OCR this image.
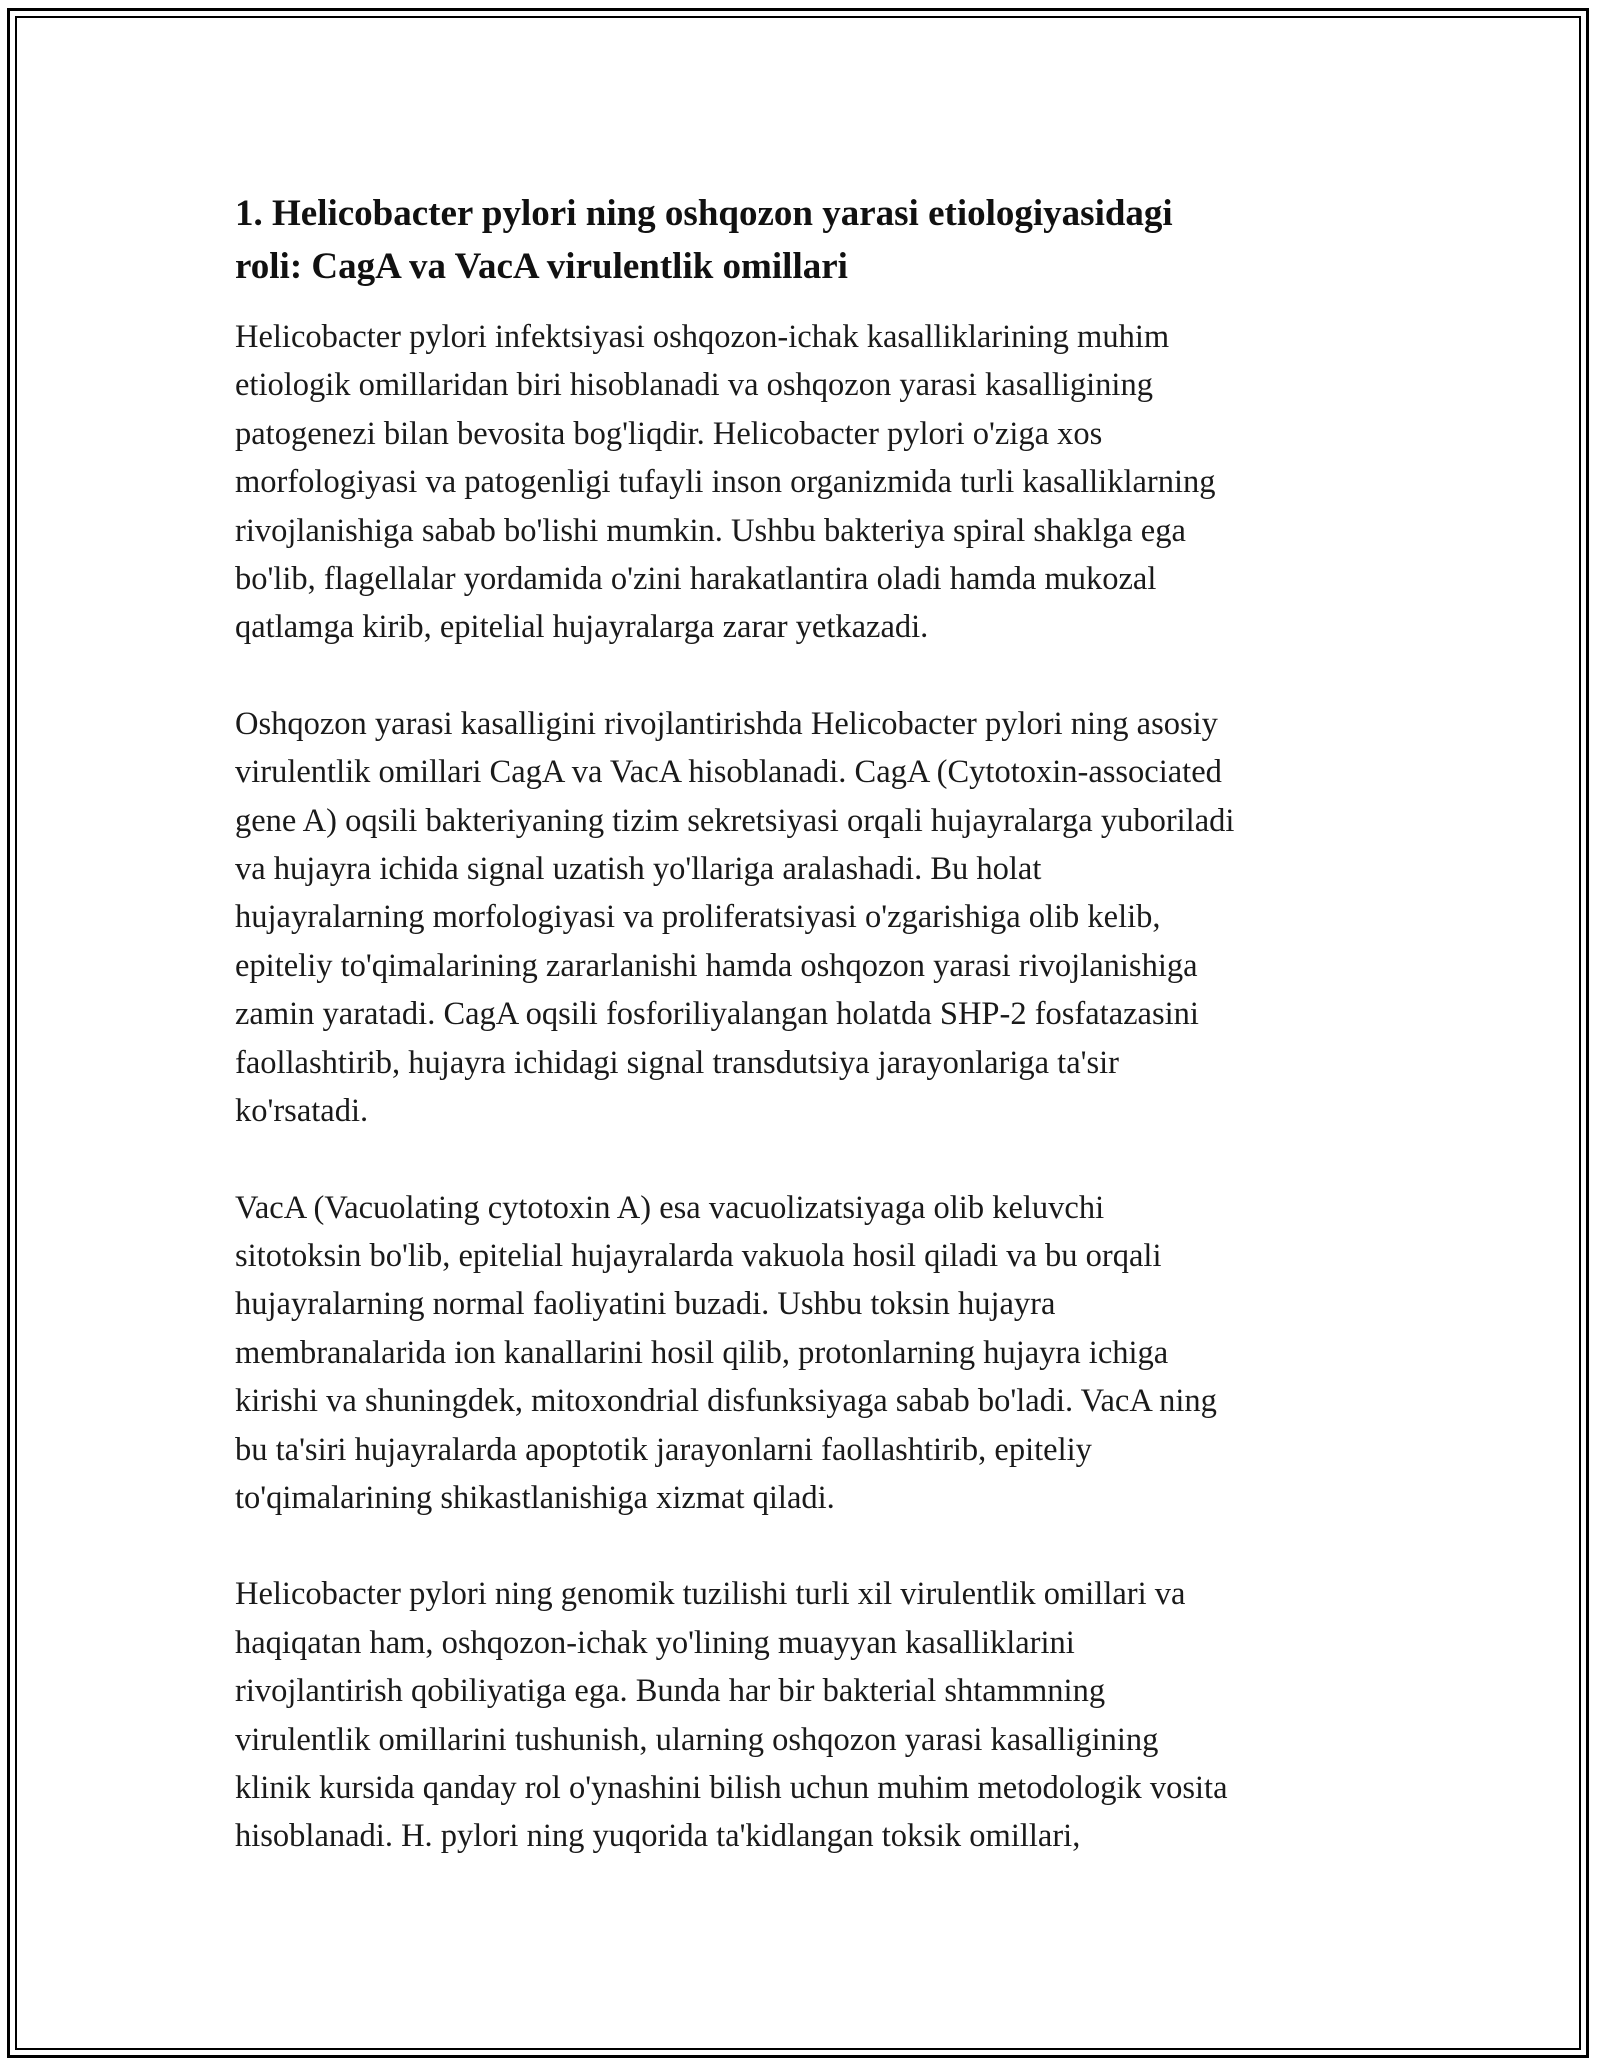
1. Helicobacter pylori ning oshqozon yarasi etiologiyasidagi
roli: CagA va VacA virulentlik omillari

Helicobacter pylori infektsiyasi oshqozon-ichak kasalliklarining muhim
etiologik omillaridan biri hisoblanadi va oshqozon yarasi kasalligining
patogenezi bilan bevosita bog'liqdir. Helicobacter pylori o'ziga xos
morfologiyasi va patogenligi tufayli inson organizmida turli kasalliklarning
rivojlanishiga sabab bo'lishi mumkin. Ushbu bakteriya spiral shaklga ega
bo'lib, flagellalar yordamida o'zini harakatlantira oladi hamda mukozal
qatlamga kirib, epitelial hujayralarga zarar yetkazadi.

Oshqozon yarasi kasalligini rivojlantirishda Helicobacter pylori ning asosiy
virulentlik omillari CagA va VacA hisoblanadi. CagA (Cytotoxin-associated
gene A) oqsili bakteriyaning tizim sekretsiyasi orqali hujayralarga yuboriladi
va hujayra ichida signal uzatish yo'llariga aralashadi. Bu holat
hujayralarning morfologiyasi va proliferatsiyasi o'zgarishiga olib kelib,
epiteliy to'qimalarining zararlanishi hamda oshqozon yarasi rivojlanishiga
zamin yaratadi. CagA oqsili fosforiliyalangan holatda SHP-2 fosfatazasini
faollashtirib, hujayra ichidagi signal transdutsiya jarayonlariga ta'sir
ko'rsatadi.

VacA (Vacuolating cytotoxin A) esa vacuolizatsiyaga olib keluvchi
sitotoksin bo'lib, epitelial hujayralarda vakuola hosil qiladi va bu orqali
hujayralarning normal faoliyatini buzadi. Ushbu toksin hujayra
membranalarida ion kanallarini hosil qilib, protonlarning hujayra ichiga
kirishi va shuningdek, mitoxondrial disfunksiyaga sabab bo'ladi. VacA ning
bu ta'siri hujayralarda apoptotik jarayonlarni faollashtirib, epiteliy
to'qimalarining shikastlanishiga xizmat qiladi.

Helicobacter pylori ning genomik tuzilishi turli xil virulentlik omillari va
haqiqatan ham, oshqozon-ichak yo'lining muayyan kasalliklarini
rivojlantirish qobiliyatiga ega. Bunda har bir bakterial shtammning
virulentlik omillarini tushunish, ularning oshqozon yarasi kasalligining
klinik kursida qanday rol o'ynashini bilish uchun muhim metodologik vosita
hisoblanadi. H. pylori ning yuqorida ta'kidlangan toksik omillari,
